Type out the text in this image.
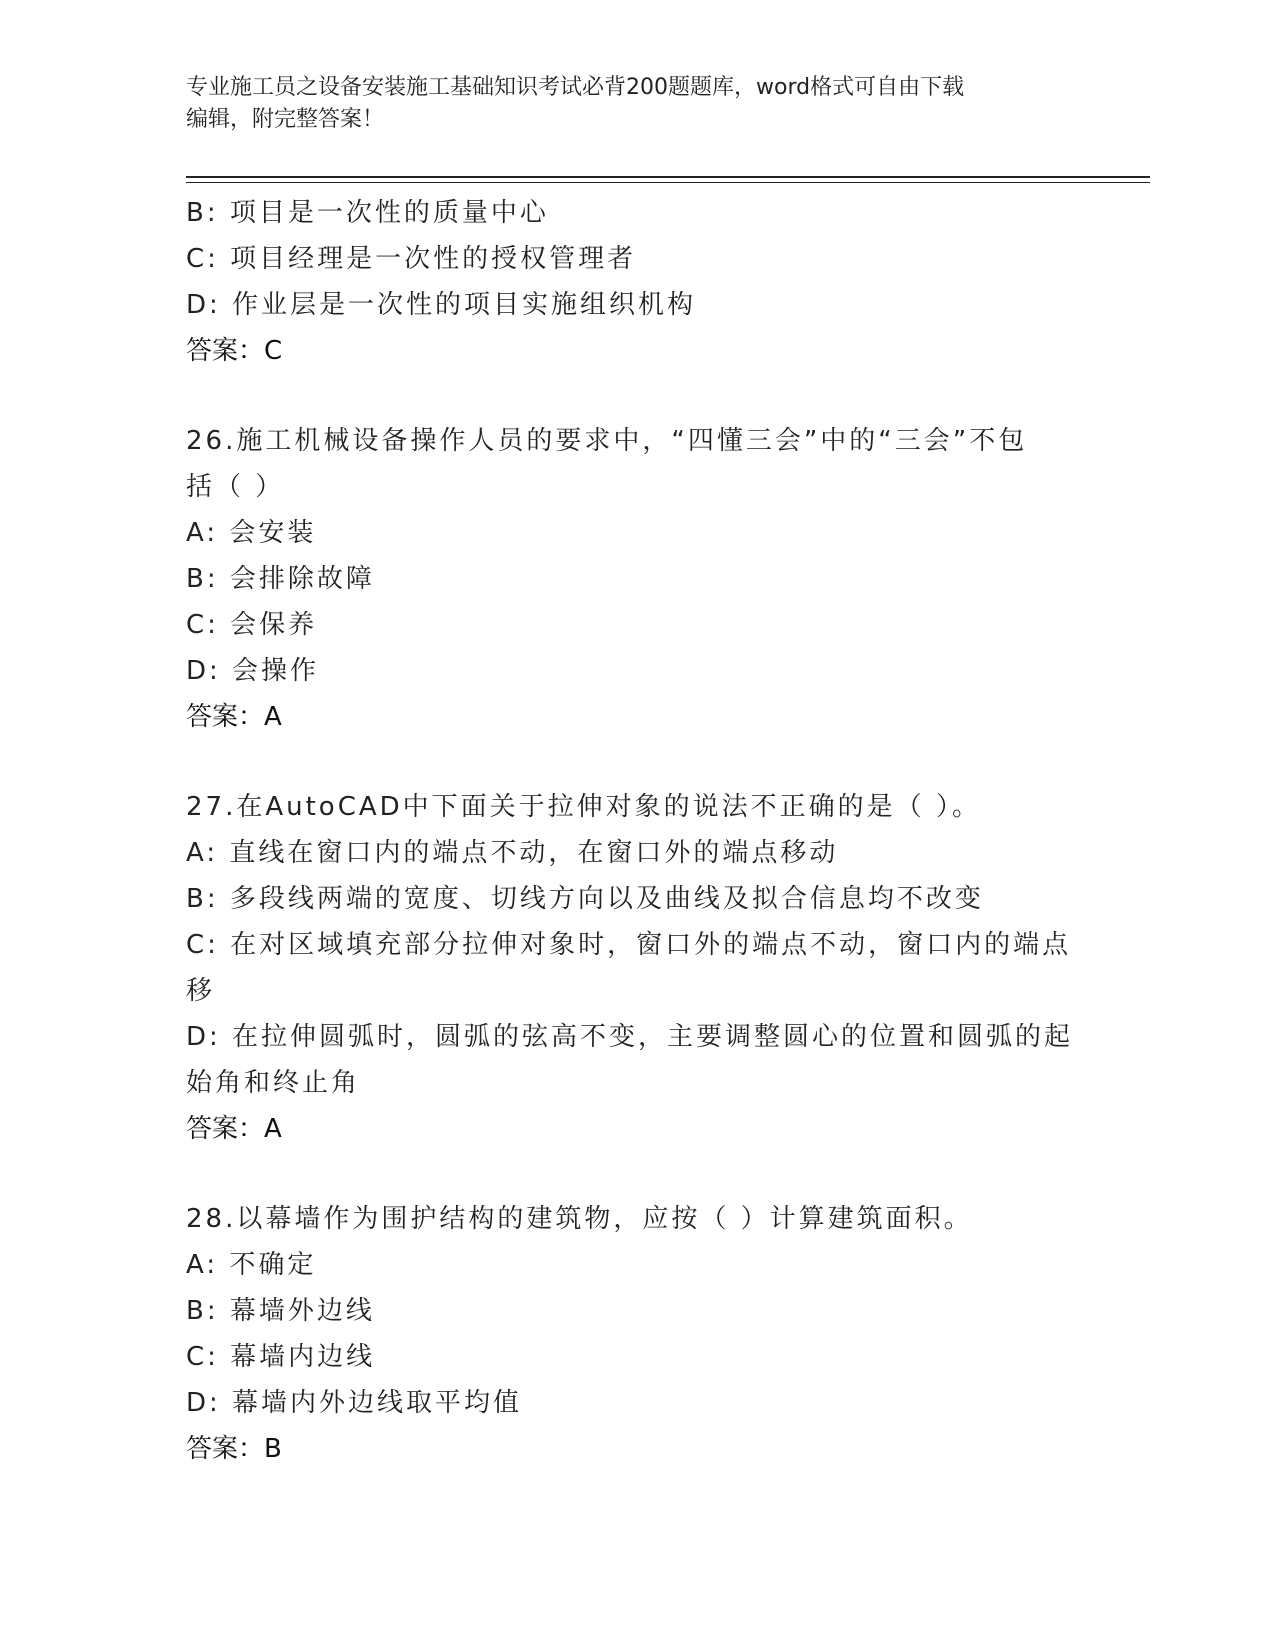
专业施工员之设备安装施工基础知识考试必背200题题库，word格式可自由下载
编辑，附完整答案！
B: 项目是一次性的质量中心
C: 项目经理是一次性的授权管理者
D: 作业层是一次性的项目实施组织机构
答案：C
26.施工机械设备操作人员的要求中，“四懂三会”中的“三会”不包
括（ ）
A: 会安装
B: 会排除故障
C: 会保养
D: 会操作
答案：A
27.在AutoCAD中下面关于拉伸对象的说法不正确的是（ ）。
A: 直线在窗口内的端点不动，在窗口外的端点移动
B: 多段线两端的宽度、切线方向以及曲线及拟合信息均不改变
C: 在对区域填充部分拉伸对象时，窗口外的端点不动，窗口内的端点
移
D: 在拉伸圆弧时，圆弧的弦高不变，主要调整圆心的位置和圆弧的起
始角和终止角
答案：A
28.以幕墙作为围护结构的建筑物，应按（ ）计算建筑面积。
A: 不确定
B: 幕墙外边线
C: 幕墙内边线
D: 幕墙内外边线取平均值
答案：B
